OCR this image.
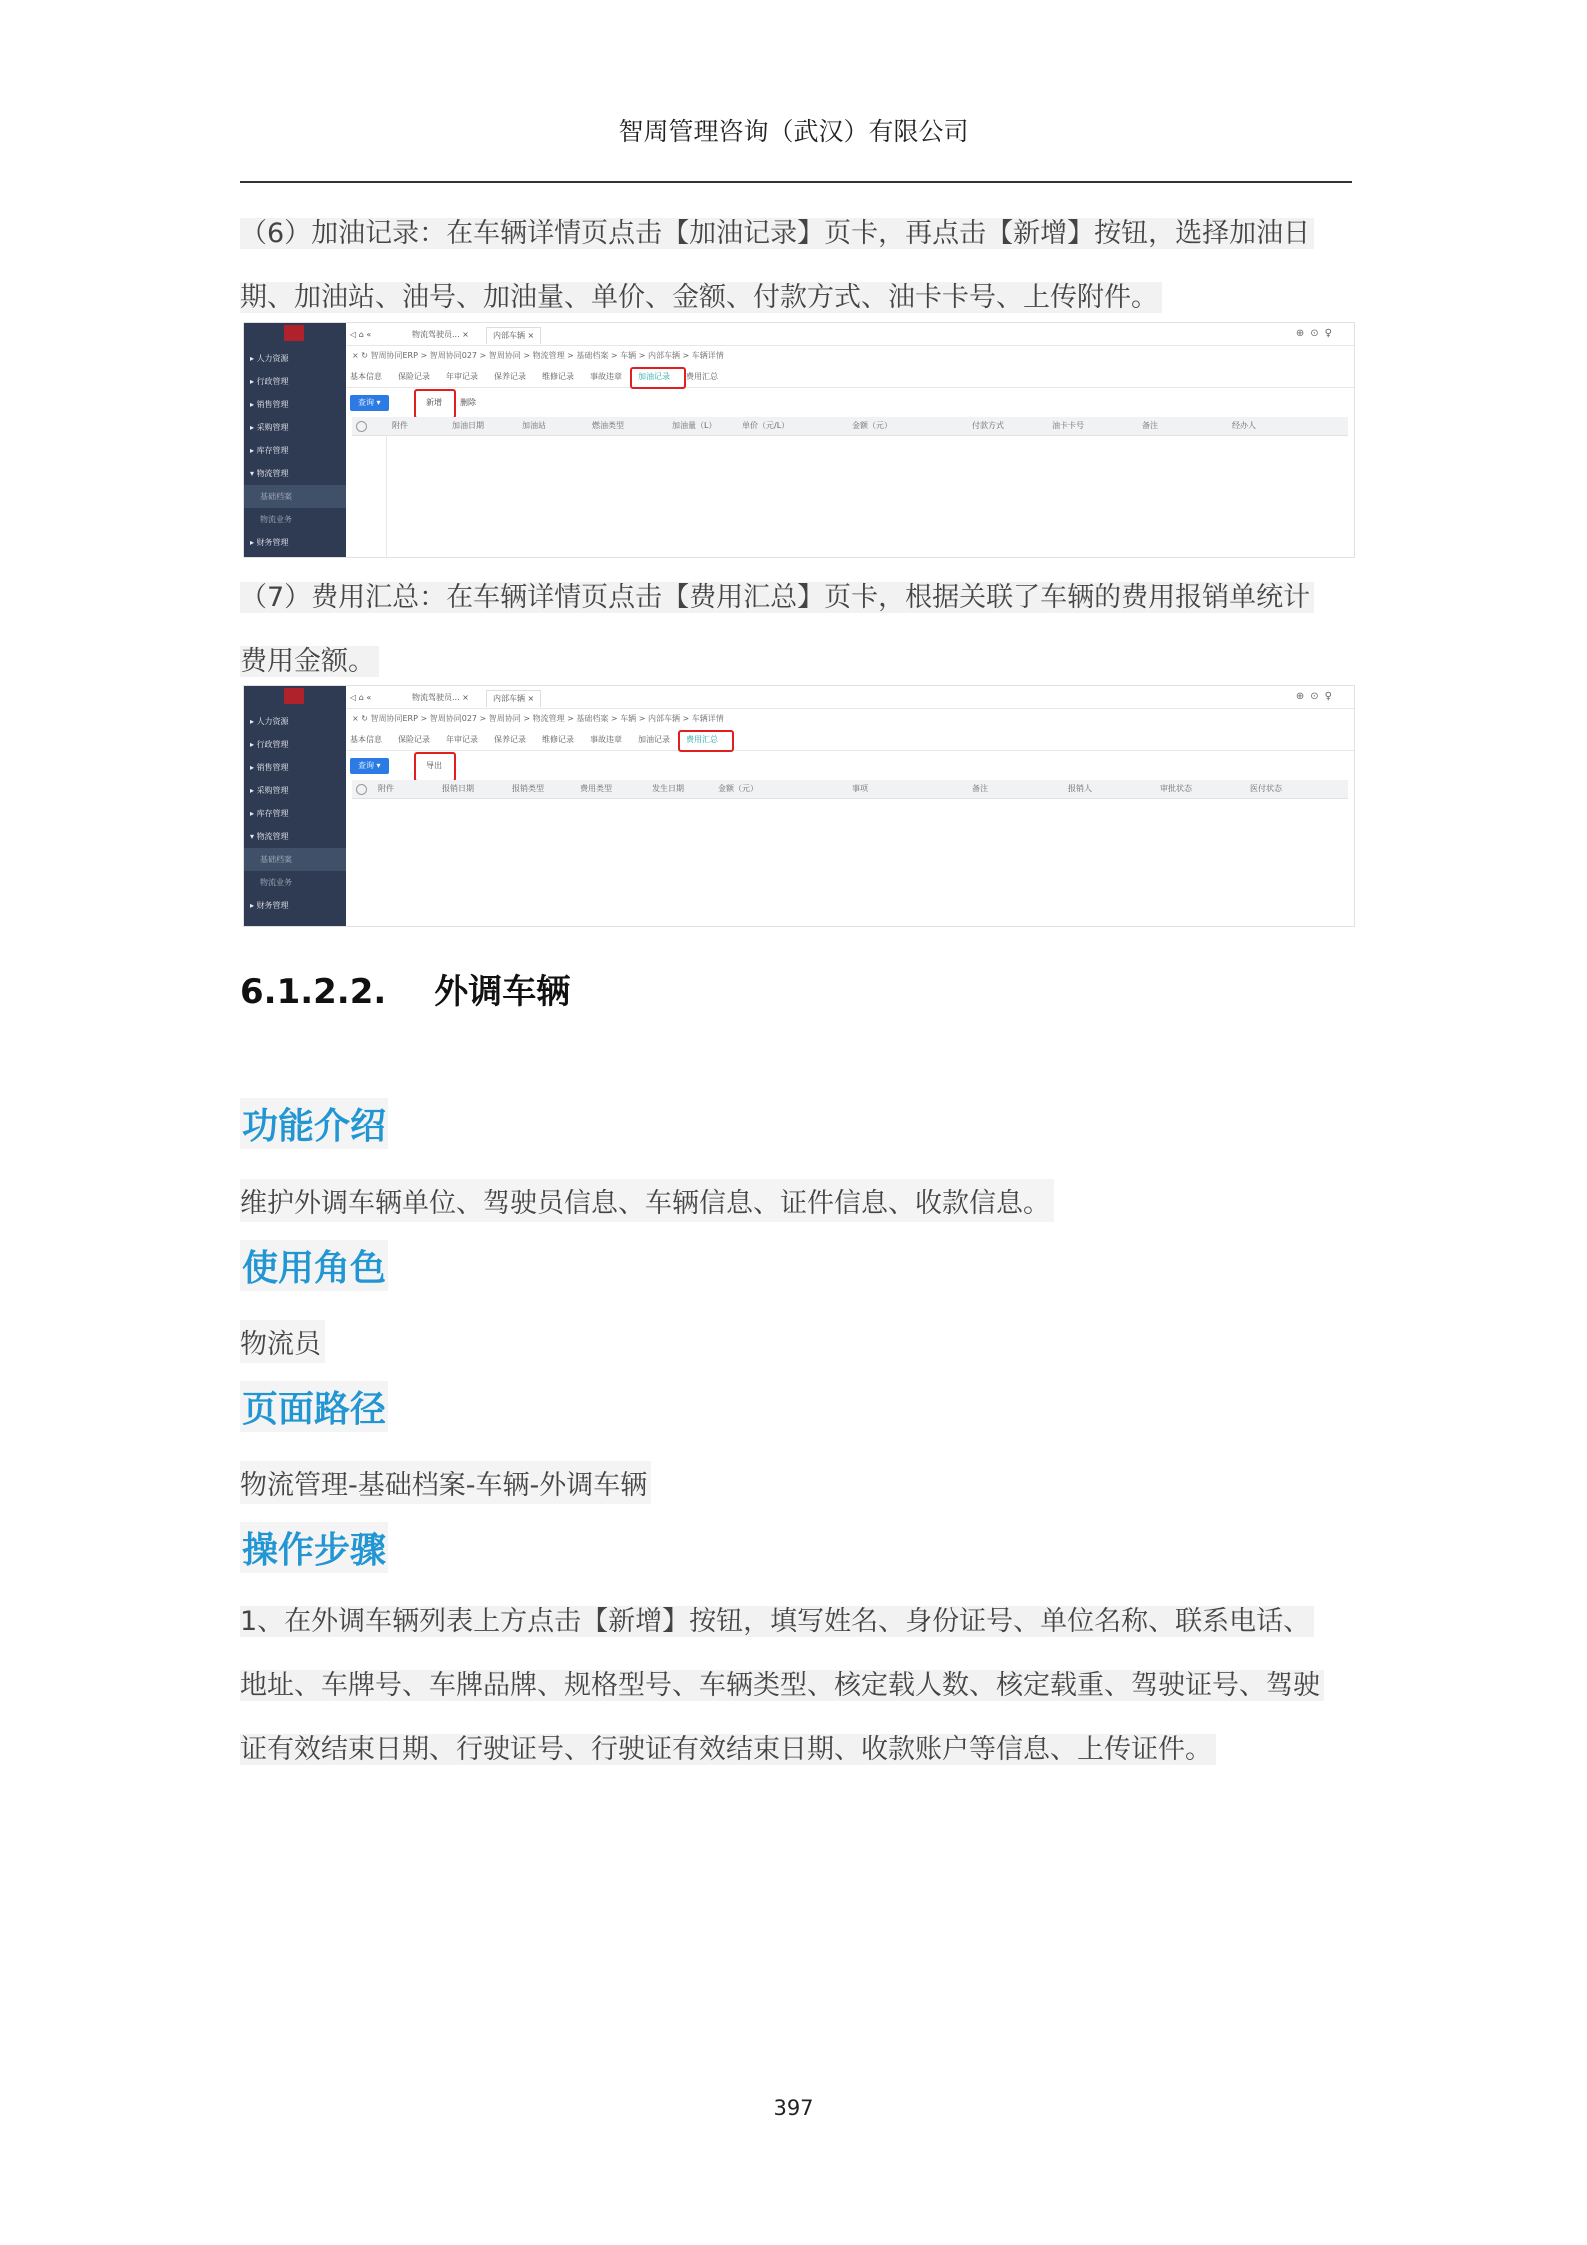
智周管理咨询（武汉）有限公司
（6）加油记录：在车辆详情页点击【加油记录】页卡，再点击【新增】按钮，选择加油日
期、加油站、油号、加油量、单价、金额、付款方式、油卡卡号、上传附件。
▸ 人力资源
▸ 行政管理
▸ 销售管理
▸ 采购管理
▸ 库存管理
▾ 物流管理
基础档案
物流业务
▸ 财务管理
◁ ⌂ «	物流驾驶员... ×	内部车辆 ×	⊕⊙♀
× ↻ 智周协同ERP > 智周协同027 > 智周协同 > 物流管理 > 基础档案 > 车辆 > 内部车辆 > 车辆详情
基本信息 保险记录 年审记录 保养记录 维修记录 事故违章 加油记录 费用汇总
查询 ▾	新增	删除
附件	加油日期	加油站	燃油类型	加油量（L）	单价（元/L）	金额（元）	付款方式	油卡卡号	备注	经办人
（7）费用汇总：在车辆详情页点击【费用汇总】页卡，根据关联了车辆的费用报销单统计
费用金额。
▸ 人力资源
▸ 行政管理
▸ 销售管理
▸ 采购管理
▸ 库存管理
▾ 物流管理
基础档案
物流业务
▸ 财务管理
◁ ⌂ «	物流驾驶员... ×	内部车辆 ×	⊕⊙♀
× ↻ 智周协同ERP > 智周协同027 > 智周协同 > 物流管理 > 基础档案 > 车辆 > 内部车辆 > 车辆详情
基本信息 保险记录 年审记录 保养记录 维修记录 事故违章 加油记录 费用汇总
查询 ▾	导出
附件	报销日期	报销类型	费用类型	发生日期	金额（元）	事项	备注	报销人	审批状态	医付状态
6.1.2.2. 外调车辆
功能介绍
维护外调车辆单位、驾驶员信息、车辆信息、证件信息、收款信息。
使用角色
物流员
页面路径
物流管理-基础档案-车辆-外调车辆
操作步骤
1、在外调车辆列表上方点击【新增】按钮，填写姓名、身份证号、单位名称、联系电话、
地址、车牌号、车牌品牌、规格型号、车辆类型、核定载人数、核定载重、驾驶证号、驾驶
证有效结束日期、行驶证号、行驶证有效结束日期、收款账户等信息、上传证件。
397
